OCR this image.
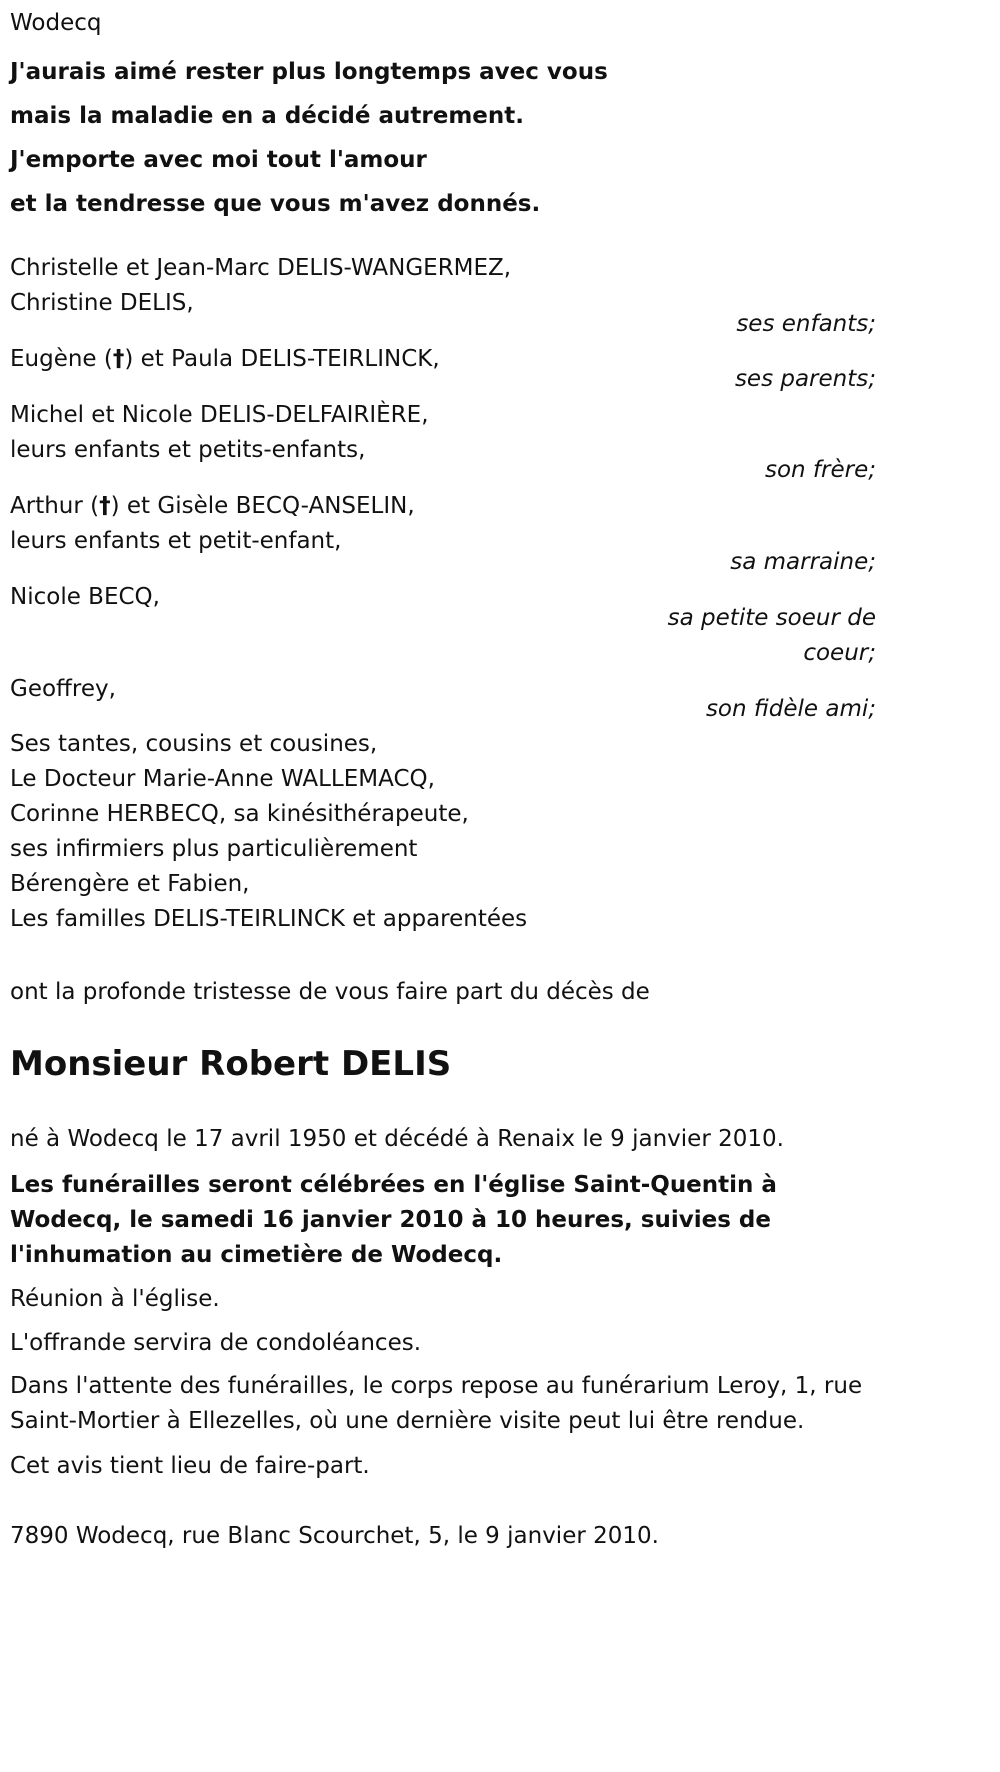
Wodecq
J'aurais aimé rester plus longtemps avec vous
mais la maladie en a décidé autrement.
J'emporte avec moi tout l'amour
et la tendresse que vous m'avez donnés.
Christelle et Jean-Marc DELIS-WANGERMEZ,
Christine DELIS,
ses enfants;
Eugène (†) et Paula DELIS-TEIRLINCK,
ses parents;
Michel et Nicole DELIS-DELFAIRIÈRE,
leurs enfants et petits-enfants,
son frère;
Arthur (†) et Gisèle BECQ-ANSELIN,
leurs enfants et petit-enfant,
sa marraine;
Nicole BECQ,
sa petite soeur de coeur;
Geoffrey,
son fidèle ami;
Ses tantes, cousins et cousines,
Le Docteur Marie-Anne WALLEMACQ,
Corinne HERBECQ, sa kinésithérapeute,
ses infirmiers plus particulièrement
Bérengère et Fabien,
Les familles DELIS-TEIRLINCK et apparentées
ont la profonde tristesse de vous faire part du décès de
Monsieur Robert DELIS
né à Wodecq le 17 avril 1950 et décédé à Renaix le 9 janvier 2010.
Les funérailles seront célébrées en l'église Saint-Quentin à Wodecq, le samedi 16 janvier 2010 à 10 heures, suivies de l'inhumation au cimetière de Wodecq.
Réunion à l'église.
L'offrande servira de condoléances.
Dans l'attente des funérailles, le corps repose au funérarium Leroy, 1, rue Saint-Mortier à Ellezelles, où une dernière visite peut lui être rendue.
Cet avis tient lieu de faire-part.
7890 Wodecq, rue Blanc Scourchet, 5, le 9 janvier 2010.
